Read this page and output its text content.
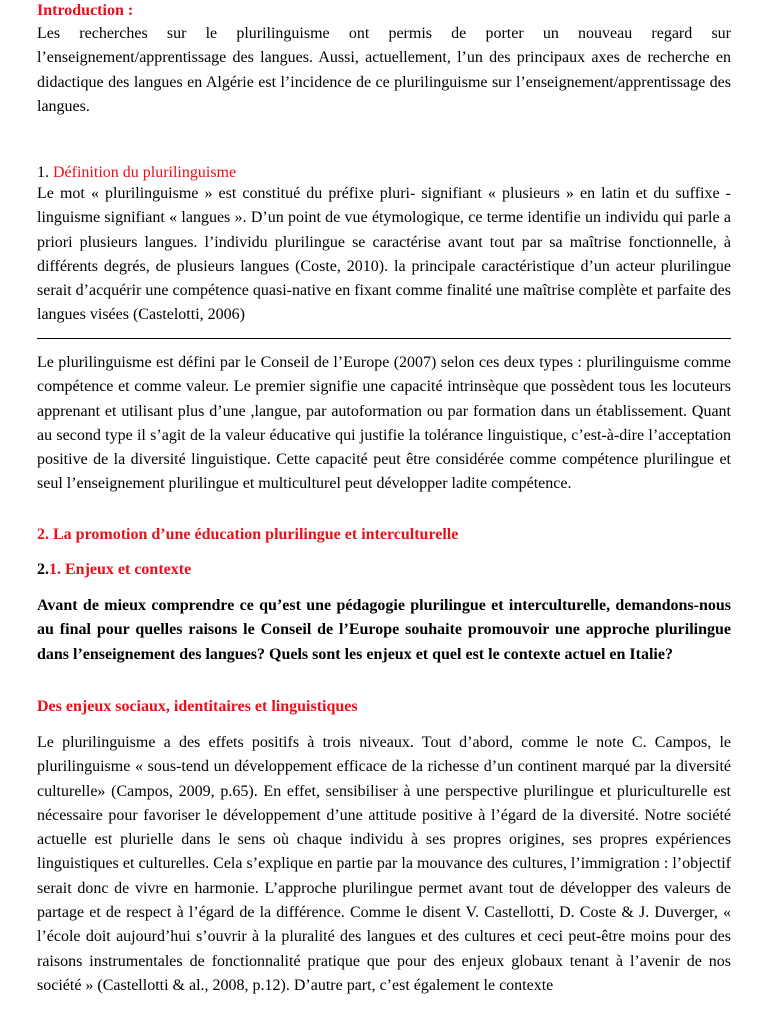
Introduction :

Les recherches sur le plurilinguisme ont permis de porter un nouveau regard sur l’enseignement/apprentissage des langues. Aussi, actuellement, l’un des principaux axes de recherche en didactique des langues en Algérie est l’incidence de ce plurilinguisme sur l’enseignement/apprentissage des langues.

1. Définition du plurilinguisme

Le mot « plurilinguisme » est constitué du préfixe pluri- signifiant « plusieurs » en latin et du suffixe -linguisme signifiant « langues ». D’un point de vue étymologique, ce terme identifie un individu qui parle a priori plusieurs langues. l’individu plurilingue se caractérise avant tout par sa maîtrise fonctionnelle, à différents degrés, de plusieurs langues (Coste, 2010). la principale caractéristique d’un acteur plurilingue serait d’acquérir une compétence quasi-native en fixant comme finalité une maîtrise complète et parfaite des langues visées (Castelotti, 2006)

Le plurilinguisme est défini par le Conseil de l’Europe (2007) selon ces deux types : plurilinguisme comme compétence et comme valeur. Le premier signifie une capacité intrinsèque que possèdent tous les locuteurs apprenant et utilisant plus d’une ,langue, par autoformation ou par formation dans un établissement. Quant au second type il s’agit de la valeur éducative qui justifie la tolérance linguistique, c’est-à-dire l’acceptation positive de la diversité linguistique. Cette capacité peut être considérée comme compétence plurilingue et seul l’enseignement plurilingue et multiculturel peut développer ladite compétence.

2. La promotion d’une éducation plurilingue et interculturelle

2.1. Enjeux et contexte

Avant de mieux comprendre ce qu’est une pédagogie plurilingue et interculturelle, demandons-nous au final pour quelles raisons le Conseil de l’Europe souhaite promouvoir une approche plurilingue dans l’enseignement des langues? Quels sont les enjeux et quel est le contexte actuel en Italie?

Des enjeux sociaux, identitaires et linguistiques

Le plurilinguisme a des effets positifs à trois niveaux. Tout d’abord, comme le note C. Campos, le plurilinguisme « sous-tend un développement efficace de la richesse d’un continent marqué par la diversité culturelle» (Campos, 2009, p.65). En effet, sensibiliser à une perspective plurilingue et pluriculturelle est nécessaire pour favoriser le développement d’une attitude positive à l’égard de la diversité. Notre société actuelle est plurielle dans le sens où chaque individu à ses propres origines, ses propres expériences linguistiques et culturelles. Cela s’explique en partie par la mouvance des cultures, l’immigration : l’objectif serait donc de vivre en harmonie. L’approche plurilingue permet avant tout de développer des valeurs de partage et de respect à l’égard de la différence. Comme le disent V. Castellotti, D. Coste & J. Duverger, « l’école doit aujourd’hui s’ouvrir à la pluralité des langues et des cultures et ceci peut-être moins pour des raisons instrumentales de fonctionnalité pratique que pour des enjeux globaux tenant à l’avenir de nos société » (Castellotti & al., 2008, p.12). D’autre part, c’est également le contexte
